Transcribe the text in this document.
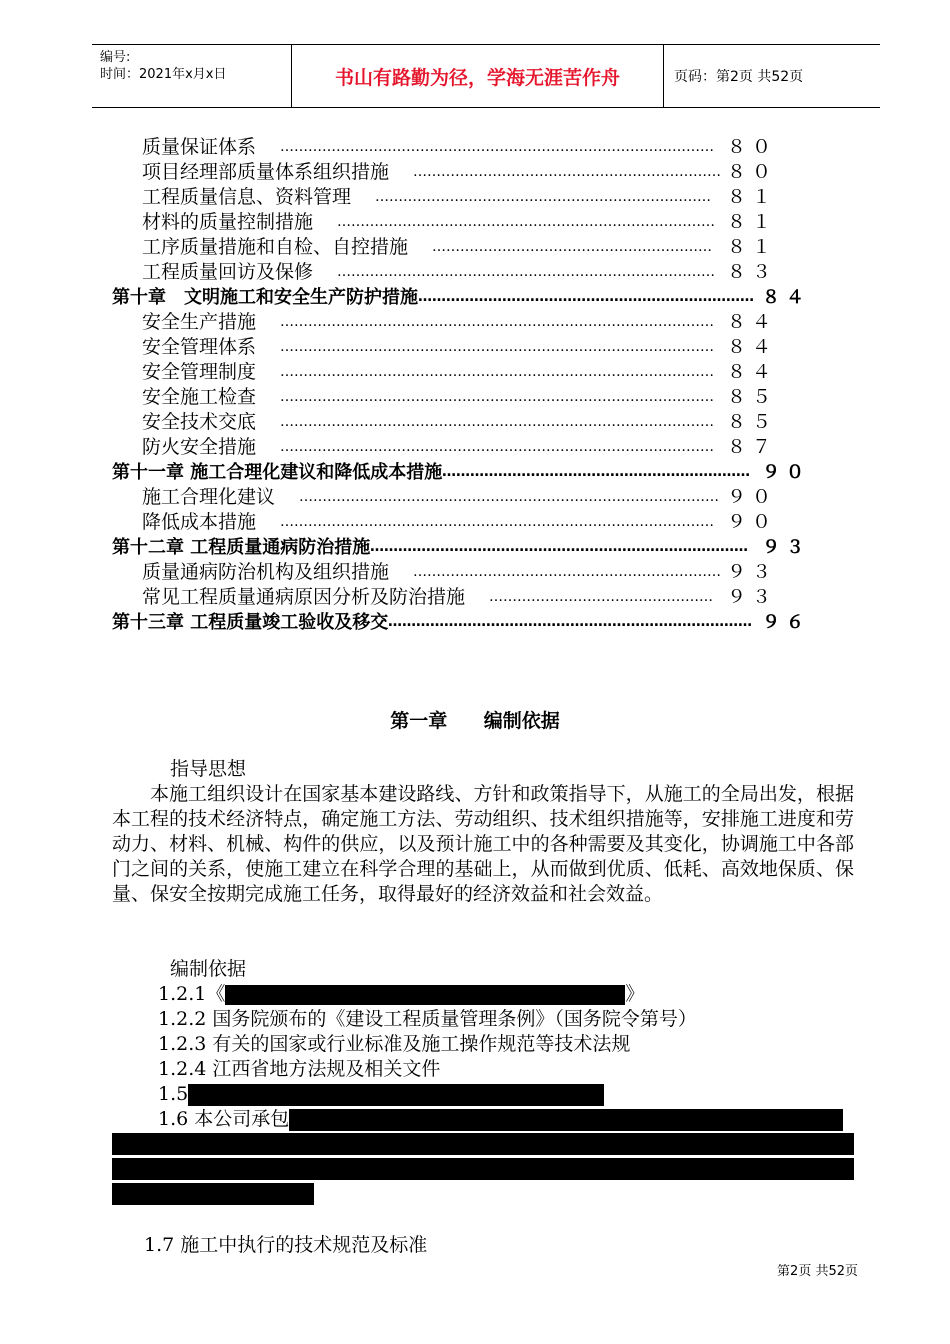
编号:
时间：2021年x月x日	书山有路勤为径，学海无涯苦作舟	页码：第2页 共52页
质量保证体系 ………………………………………………………………………………… ８０
项目经理部质量体系组织措施 ………………………………………………………… ８０
工程质量信息、资料管理 ……………………………………………………………… ８１
材料的质量控制措施 ……………………………………………………………………… ８１
工序质量措施和自检、自控措施 …………………………………………………… ８１
工程质量回访及保修 ……………………………………………………………………… ８３
第十章　文明施工和安全生产防护措施 ……………………………………………………………… ８４
安全生产措施 ………………………………………………………………………………… ８４
安全管理体系 ………………………………………………………………………………… ８４
安全管理制度 ………………………………………………………………………………… ８４
安全施工检查 ………………………………………………………………………………… ８５
安全技术交底 ………………………………………………………………………………… ８５
防火安全措施 ………………………………………………………………………………… ８７
第十一章 施工合理化建议和降低成本措施 ………………………………………………………… ９０
施工合理化建议 ……………………………………………………………………………… ９０
降低成本措施 ………………………………………………………………………………… ９０
第十二章 工程质量通病防治措施 ……………………………………………………………………… ９３
质量通病防治机构及组织措施 ………………………………………………………… ９３
常见工程质量通病原因分析及防治措施 ………………………………………… ９３
第十三章 工程质量竣工验收及移交 …………………………………………………………………… ９６
第一章 编制依据
指导思想
本施工组织设计在国家基本建设路线、方针和政策指导下，从施工的全局出发，根据本工程的技术经济特点，确定施工方法、劳动组织、技术组织措施等，安排施工进度和劳动力、材料、机械、构件的供应，以及预计施工中的各种需要及其变化，协调施工中各部门之间的关系，使施工建立在科学合理的基础上，从而做到优质、低耗、高效地保质、保量、保安全按期完成施工任务，取得最好的经济效益和社会效益。
编制依据
1.2.1《	》
1.2.2 国务院颁布的《建设工程质量管理条例》（国务院令第号）
1.2.3 有关的国家或行业标准及施工操作规范等技术法规
1.2.4 江西省地方法规及相关文件
1.5
1.6 本公司承包
1.7 施工中执行的技术规范及标准
第2页 共52页
